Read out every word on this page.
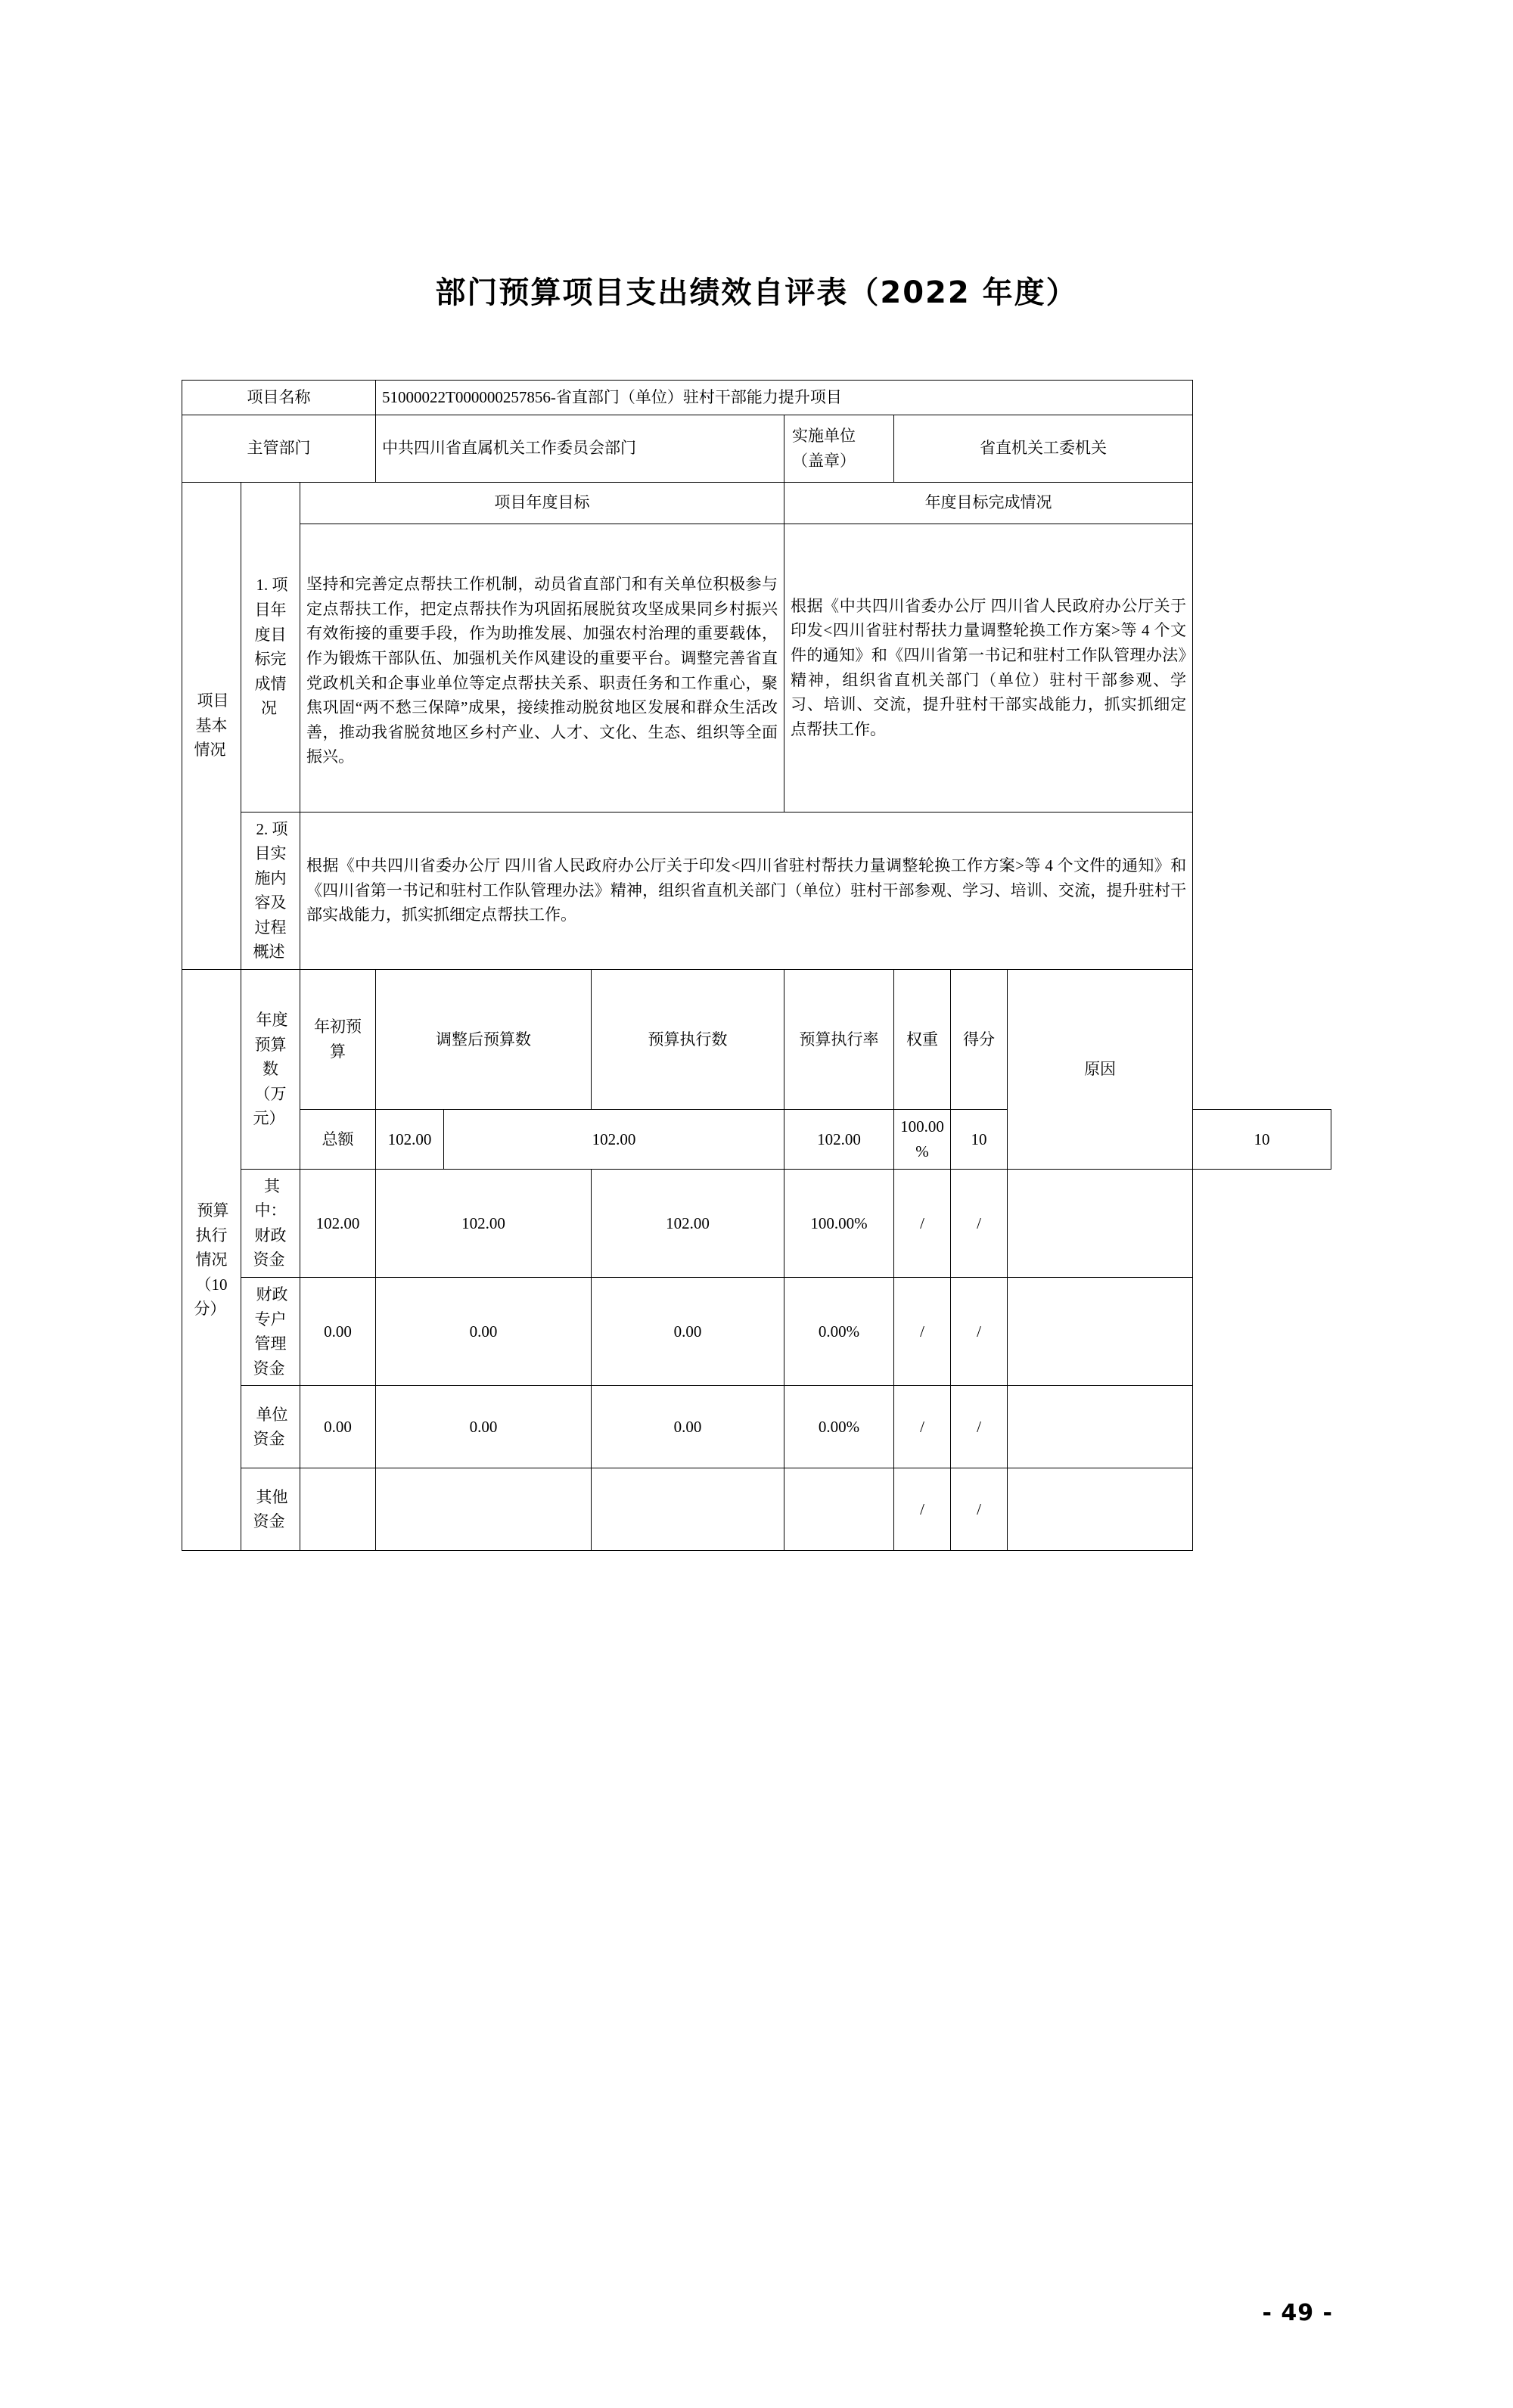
部门预算项目支出绩效自评表（2022 年度）
项目名称			51000022T000000257856-省直部门（单位）驻村干部能力提升项目							
主管部门			中共四川省直属机关工作委员会部门			实施单位 （盖章）	省直机关工委机关			
项目基本情况	1. 项目年度目标完成情况	项目年度目标				年度目标完成情况				
		坚持和完善定点帮扶工作机制，动员省直部门和有关单位积极参与定点帮扶工作，把定点帮扶作为巩固拓展脱贫攻坚成果同乡村振兴有效衔接的重要手段，作为助推发展、加强农村治理的重要载体，作为锻炼干部队伍、加强机关作风建设的重要平台。调整完善省直党政机关和企事业单位等定点帮扶关系、职责任务和工作重心，聚焦巩固“两不愁三保障”成果，接续推动脱贫地区发展和群众生活改善，推动我省脱贫地区乡村产业、人才、文化、生态、组织等全面振兴。				根据《中共四川省委办公厅 四川省人民政府办公厅关于印发<四川省驻村帮扶力量调整轮换工作方案>等 4 个文件的通知》和《四川省第一书记和驻村工作队管理办法》精神，组织省直机关部门（单位）驻村干部参观、学习、培训、交流，提升驻村干部实战能力，抓实抓细定点帮扶工作。				
	2. 项目实施内容及过程概述	根据《中共四川省委办公厅 四川省人民政府办公厅关于印发<四川省驻村帮扶力量调整轮换工作方案>等 4 个文件的通知》和《四川省第一书记和驻村工作队管理办法》精神，组织省直机关部门（单位）驻村干部参观、学习、培训、交流，提升驻村干部实战能力，抓实抓细定点帮扶工作。								
预算执行情况（10 分）	年度预算数（万元）	年初预算	调整后预算数		预算执行数	预算执行率	权重	得分	原因	
		总额	102.00	102.00		102.00	100.00%	10		10
	其中：财政资金	102.00	102.00		102.00	100.00%	/	/		
	财政专户管理资金	0.00	0.00		0.00	0.00%	/	/		
	单位资金	0.00	0.00		0.00	0.00%	/	/		
	其他资金						/	/		
- 49 -
